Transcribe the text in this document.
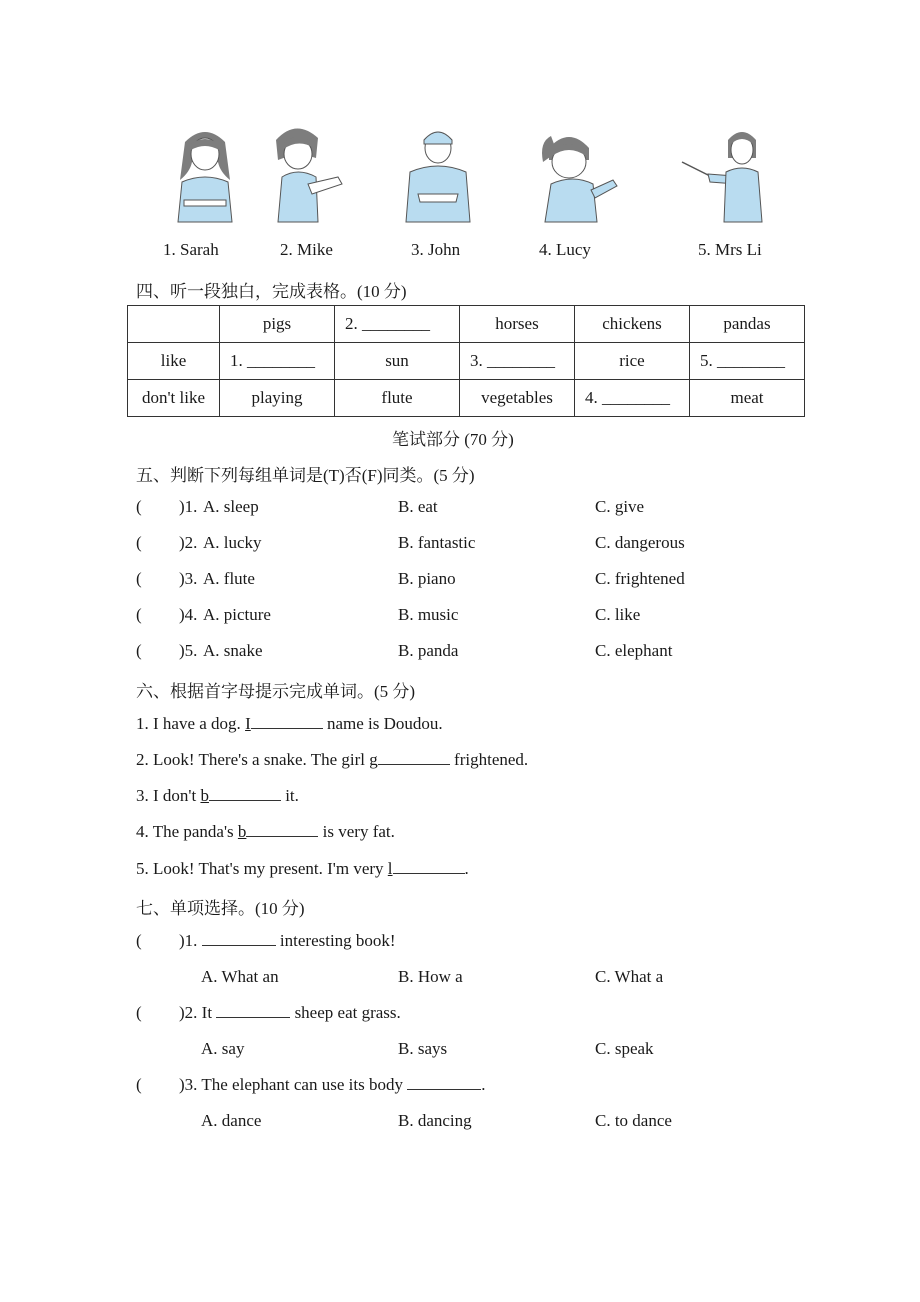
1. Sarah	2. Mike	3. John	4. Lucy	5. Mrs Li
四、听一段独白，完成表格。(10 分)
	pigs	2. ________	horses	chickens	pandas
like	1. ________	sun	3. ________	rice	5. ________
don't like	playing	flute	vegetables	4. ________	meat
笔试部分 (70 分)
五、判断下列每组单词是(T)否(F)同类。(5 分)
( )1. A. sleep	B. eat	C. give
( )2. A. lucky	B. fantastic	C. dangerous
( )3. A. flute	B. piano	C. frightened
( )4. A. picture	B. music	C. like
( )5. A. snake	B. panda	C. elephant
六、根据首字母提示完成单词。(5 分)
1. I have a dog. I	name is Doudou.
2. Look! There's a snake. The girl g	frightened.
3. I don't b	it.
4. The panda's b	is very fat.
5. Look! That's my present. I'm very l	.
七、单项选择。(10 分)
( )1.	interesting book!
A. What an	B. How a	C. What a
( )2. It	sheep eat grass.
A. say	B. says	C. speak
( )3. The elephant can use its body	.
A. dance	B. dancing	C. to dance
